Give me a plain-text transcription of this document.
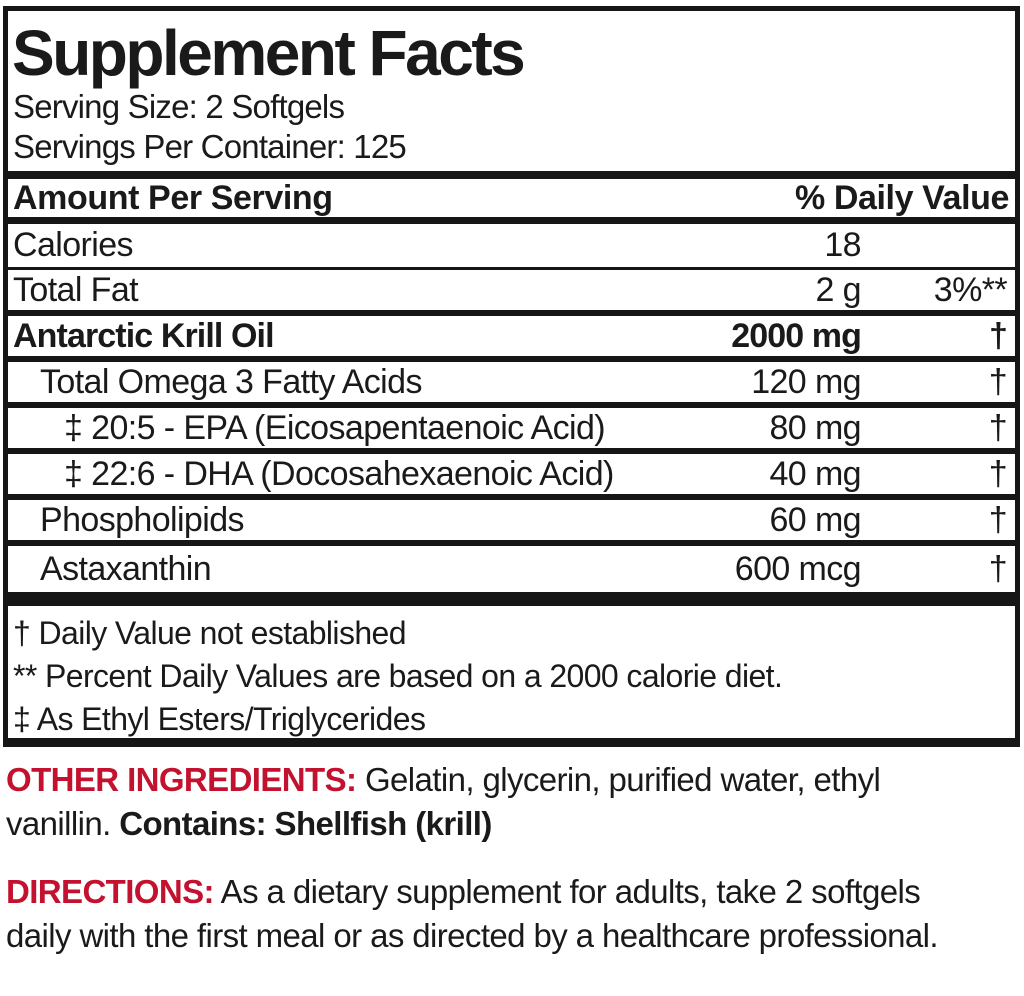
Supplement Facts
Serving Size: 2 Softgels
Servings Per Container: 125
Amount Per Serving	% Daily Value
Calories	18
Total Fat	2 g	3%**
Antarctic Krill Oil	2000 mg	†
Total Omega 3 Fatty Acids	120 mg	†
‡ 20:5 - EPA (Eicosapentaenoic Acid)	80 mg	†
‡ 22:6 - DHA (Docosahexaenoic Acid)	40 mg	†
Phospholipids	60 mg	†
Astaxanthin	600 mcg	†
† Daily Value not established
** Percent Daily Values are based on a 2000 calorie diet.
‡ As Ethyl Esters/Triglycerides
OTHER INGREDIENTS: Gelatin, glycerin, purified water, ethyl vanillin. Contains: Shellfish (krill)
DIRECTIONS: As a dietary supplement for adults, take 2 softgels daily with the first meal or as directed by a healthcare professional.
